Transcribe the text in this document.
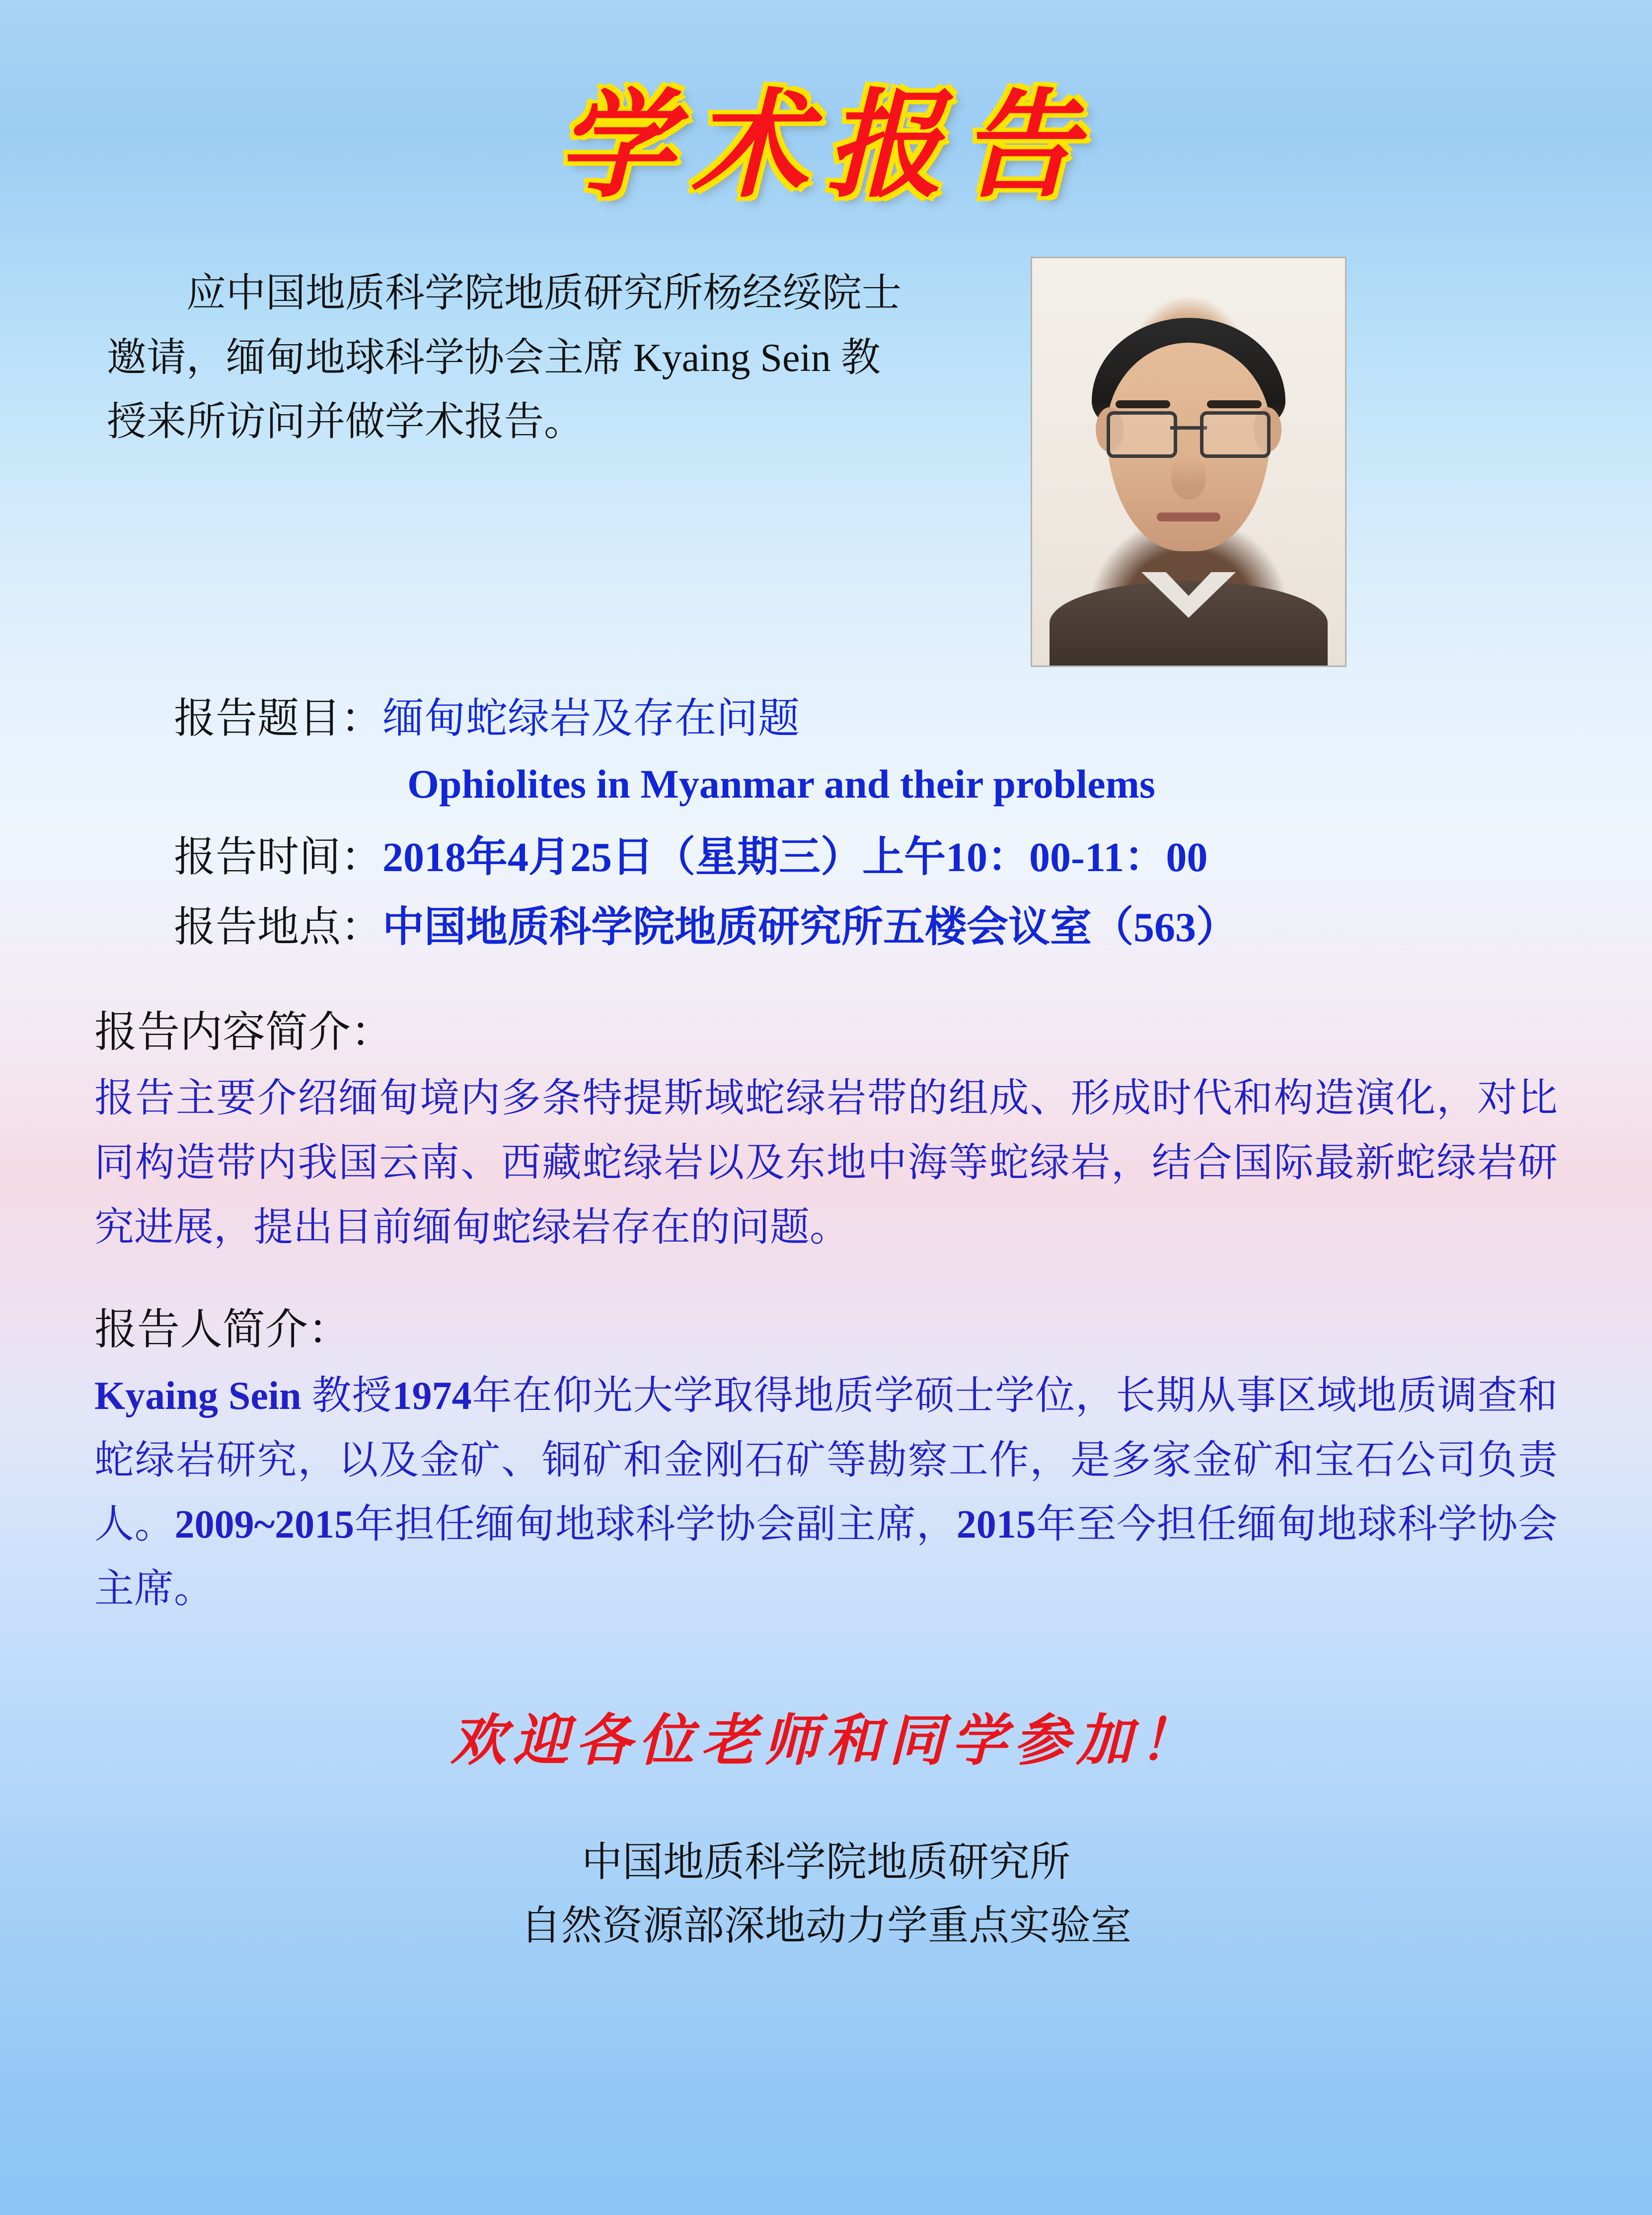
学术报告

应中国地质科学院地质研究所杨经绥院士

邀请，缅甸地球科学协会主席 Kyaing Sein 教

授来所访问并做学术报告。

报告题目：缅甸蛇绿岩及存在问题
Ophiolites in Myanmar and their problems
报告时间：2018年4月25日（星期三）上午10：00-11：00
报告地点：中国地质科学院地质研究所五楼会议室（563）
报告内容简介：

报告主要介绍缅甸境内多条特提斯域蛇绿岩带的组成、形成时代和构造演化，对比同构造带内我国云南、西藏蛇绿岩以及东地中海等蛇绿岩，结合国际最新蛇绿岩研究进展，提出目前缅甸蛇绿岩存在的问题。

报告人简介：

Kyaing Sein 教授1974年在仰光大学取得地质学硕士学位，长期从事区域地质调查和蛇绿岩研究，以及金矿、铜矿和金刚石矿等勘察工作，是多家金矿和宝石公司负责人。2009~2015年担任缅甸地球科学协会副主席，2015年至今担任缅甸地球科学协会主席。

欢迎各位老师和同学参加！
中国地质科学院地质研究所
自然资源部深地动力学重点实验室
